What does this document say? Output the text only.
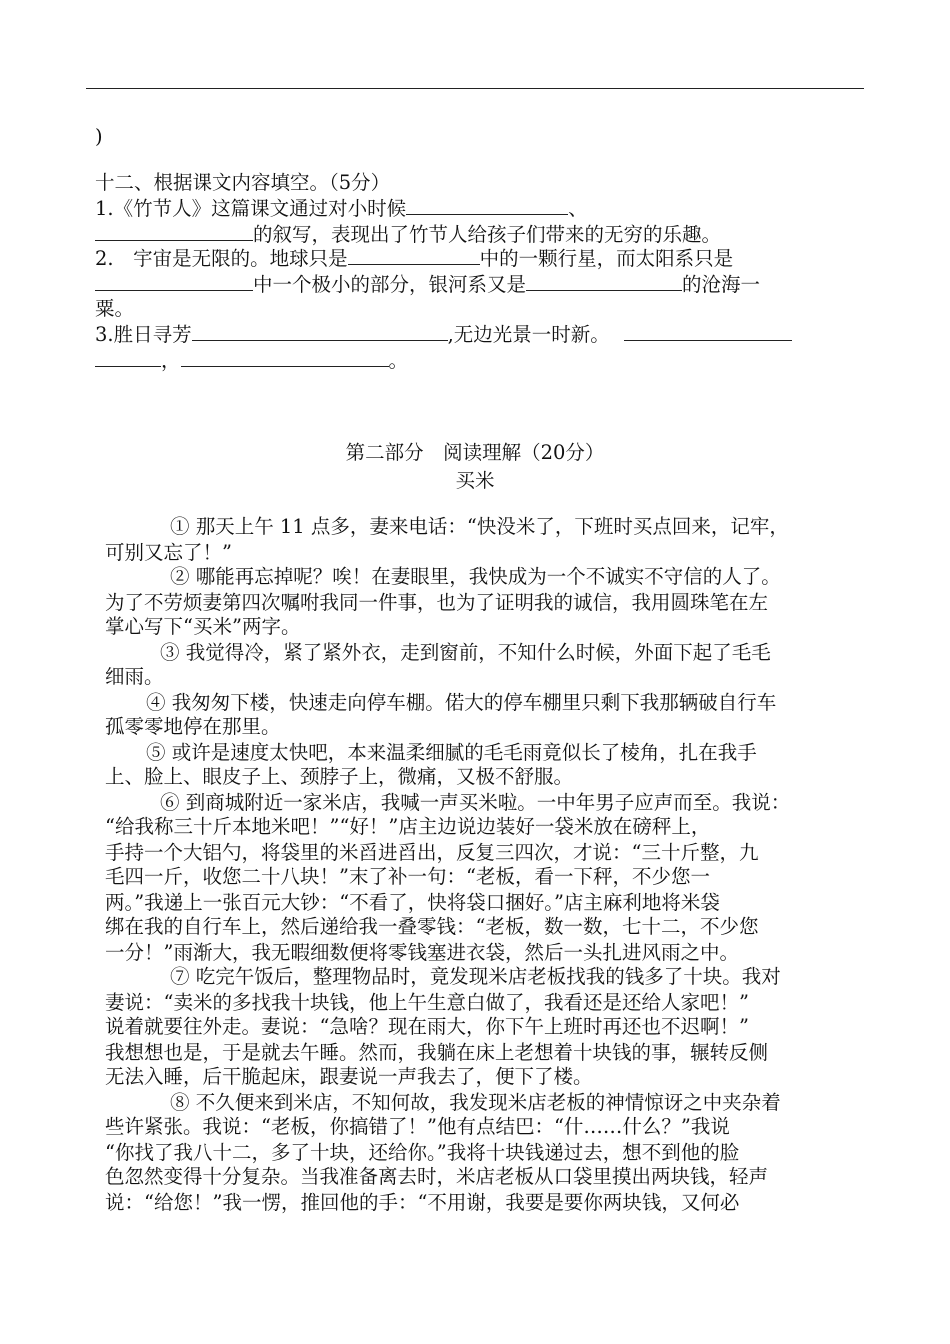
)
十二、根据课文内容填空。（5分）
1.《竹节人》这篇课文通过对小时候	、
的叙写，表现出了竹节人给孩子们带来的无穷的乐趣。
2.　宇宙是无限的。地球只是	中的一颗行星，而太阳系只是
中一个极小的部分，银河系又是	的沧海一
粟。
3.胜日寻芳	,无边光景一时新。
，	。
第二部分　阅读理解（20分）
买米
① 那天上午 11 点多，妻来电话：“快没米了，下班时买点回来，记牢，
可别又忘了！”
② 哪能再忘掉呢？唉！在妻眼里，我快成为一个不诚实不守信的人了。
为了不劳烦妻第四次嘱咐我同一件事，也为了证明我的诚信，我用圆珠笔在左
掌心写下“买米”两字。
③ 我觉得冷，紧了紧外衣，走到窗前，不知什么时候，外面下起了毛毛
细雨。
④ 我匆匆下楼，快速走向停车棚。偌大的停车棚里只剩下我那辆破自行车
孤零零地停在那里。
⑤ 或许是速度太快吧，本来温柔细腻的毛毛雨竟似长了棱角，扎在我手
上、脸上、眼皮子上、颈脖子上，微痛，又极不舒服。
⑥ 到商城附近一家米店，我喊一声买米啦。一中年男子应声而至。我说：
“给我称三十斤本地米吧！”“好！”店主边说边装好一袋米放在磅秤上，
手持一个大铝勺，将袋里的米舀进舀出，反复三四次，才说：“三十斤整，九
毛四一斤，收您二十八块！”末了补一句：“老板，看一下秤，不少您一
两。”我递上一张百元大钞：“不看了，快将袋口捆好。”店主麻利地将米袋
绑在我的自行车上，然后递给我一叠零钱：“老板，数一数，七十二，不少您
一分！”雨渐大，我无暇细数便将零钱塞进衣袋，然后一头扎进风雨之中。
⑦ 吃完午饭后，整理物品时，竟发现米店老板找我的钱多了十块。我对
妻说：“卖米的多找我十块钱，他上午生意白做了，我看还是还给人家吧！”
说着就要往外走。妻说：“急啥？现在雨大，你下午上班时再还也不迟啊！”
我想想也是，于是就去午睡。然而，我躺在床上老想着十块钱的事，辗转反侧
无法入睡，后干脆起床，跟妻说一声我去了，便下了楼。
⑧ 不久便来到米店，不知何故，我发现米店老板的神情惊讶之中夹杂着
些许紧张。我说：“老板，你搞错了！”他有点结巴：“什……什么？”我说
“你找了我八十二，多了十块，还给你。”我将十块钱递过去，想不到他的脸
色忽然变得十分复杂。当我准备离去时，米店老板从口袋里摸出两块钱，轻声
说：“给您！”我一愣，推回他的手：“不用谢，我要是要你两块钱，又何必
